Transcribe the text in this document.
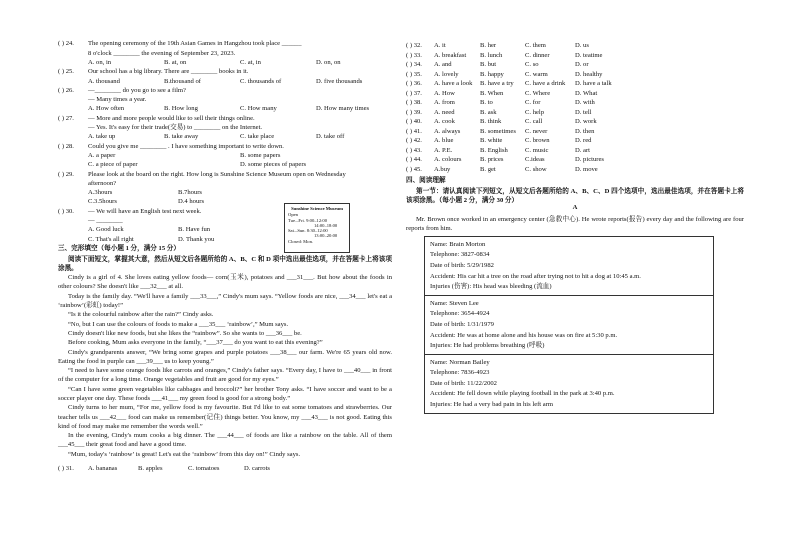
( ) 24.	The opening ceremony of the 19th Asian Games in Hangzhou took place ______
8 o'clock ________ the evening of September 23, 2023.
A. on, in	B. at, on	C. at, in	D. on, on
( ) 25.	Our school has a big library. There are ________ books in it.
A. thousand	B.thousand of	C. thousands of	D. five thousands
( ) 26.	—________ do you go to see a film?
— Many times a year.
A. How often	B. How long	C. How many	D. How many times
( ) 27.	— More and more people would like to sell their things online.
— Yes. It's easy for their trade(交易) to ________ on the Internet.
A. take up	B. take away	C. take place	D. take off
( ) 28.	Could you give me ________ . I have something important to write down.
A. a paper	B. some papers
C. a piece of paper	D. some pieces of papers
( ) 29.	Please look at the board on the right. How long is Sunshine Science Museum open on Wednesday
afternoon?
A.3hours	B.7hours
C.3.5hours	D.4 hours
( ) 30.	— We will have an English test next week.
— ________
A. Good luck	B. Have fun
C. That's all right	D. Thank you
三、完形填空（每小题 1 分，满分 15 分）
阅读下面短文，掌握其大意，然后从短文后各题所给的 A、B、C 和 D 项中选出最佳选项，并在答题卡上将该项涂黑。

Cindy is a girl of 4. She loves eating yellow foods— corn(玉米), potatoes and ___31___. But how about the foods in other colours? She doesn't like ___32___ at all.

Today is the family day. “We'll have a family ___33___,” Cindy's mum says. “Yellow foods are nice, ___34___ let's eat a ‘rainbow’(彩虹) today!”

“Is it the colourful rainbow after the rain?” Cindy asks.

“No, but I can use the colours of foods to make a ___35___ ‘rainbow’,” Mum says.

Cindy doesn't like new foods, but she likes the “rainbow”. So she wants to ___36___ be.

Before cooking, Mum asks everyone in the family, “___37___ do you want to eat this evening?”

Cindy's grandparents answer, “We bring some grapes and purple potatoes ___38___ our farm. We're 65 years old now. Eating the food in purple can ___39___ us to keep young.”

“I need to have some orange foods like carrots and oranges,” Cindy's father says. “Every day, I have to ___40___ in front of the computer for a long time. Orange vegetables and fruit are good for my eyes.”

“Can I have some green vegetables like cabbages and broccoli?” her brother Tony asks. “I have soccer and want to be a soccer player one day. These foods ___41___ my green food is good for a strong body.”

Cindy turns to her mum, “For me, yellow food is my favourite. But I'd like to eat some tomatoes and strawberries. Our teacher tells us ___42___ food can make us remember(记住) things better. You know, my ___43___ is not good. Eating this kind of food may make me remember the words well.”

In the evening, Cindy's mum cooks a big dinner. The ___44___ of foods are like a rainbow on the table. All of them ___45___ their great food and have a good time.

“Mum, today's ‘rainbow’ is great! Let's eat the ‘rainbow’ from this day on!” Cindy says.

( ) 31.	A. bananas	B. apples	C. tomatoes	D. carrots
Sunshine Science Museum
Open
Tue.–Fri. 9:00–12:00
14:00–18:00
Sat.–Sun. 8:30–12:00
13:00–20:00
Closed: Mon.
( ) 32.	A. it	B. her	C. them	D. us
( ) 33.	A. breakfast	B. lunch	C. dinner	D. teatime
( ) 34.	A. and	B. but	C. so	D. or
( ) 35.	A. lovely	B. happy	C. warm	D. healthy
( ) 36.	A. have a look	B. have a try	C. have a drink	D. have a talk
( ) 37.	A. How	B. When	C. Where	D. What
( ) 38.	A. from	B. to	C. for	D. with
( ) 39.	A. need	B. ask	C. help	D. tell
( ) 40.	A. cook	B. think	C. call	D. work
( ) 41.	A. always	B. sometimes	C. never	D. then
( ) 42.	A. blue	B. white	C. brown	D. red
( ) 43.	A. P.E.	B. English	C. music	D. art
( ) 44.	A. colours	B. prices	C.ideas	D. pictures
( ) 45.	A.buy	B. get	C. show	D. move
四、阅读理解
第一节：请认真阅读下列短文，从短文后各题所给的 A、B、C、D 四个选项中，选出最佳选项，并在答题卡上将该项涂黑。（每小题 2 分，满分 30 分）
A
Mr. Brown once worked in an emergency center (急救中心). He wrote reports(报告) every day and the following are four reports from him.
Name: Brain Morton
Telephone: 3827-0834
Date of birth: 5/29/1982
Accident: His car hit a tree on the road after trying not to hit a dog at 10:45 a.m.
Injuries (伤害): His head was bleeding (流血)
Name: Steven Lee
Telephone: 3654-4924
Date of birth: 1/31/1979
Accident: He was at home alone and his house was on fire at 5:30 p.m.
Injuries: He had problems breathing (呼吸)
Name: Norman Bailey
Telephone: 7836-4923
Date of birth: 11/22/2002
Accident: He fell down while playing football in the park at 3:40 p.m.
Injuries: He had a very bad pain in his left arm
